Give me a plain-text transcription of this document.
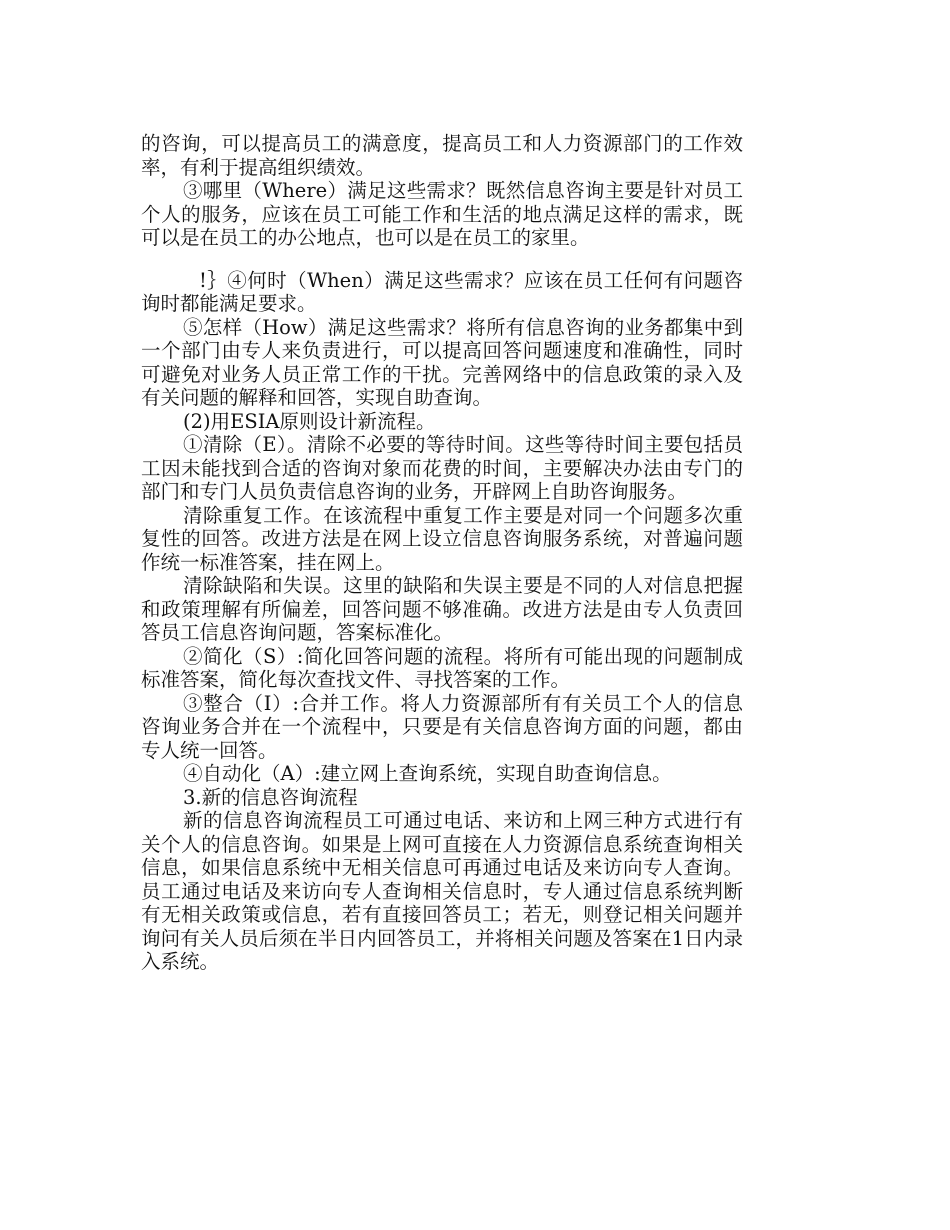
的咨询，可以提高员工的满意度，提高员工和人力资源部门的工作效率，有利于提高组织绩效。

③哪里（Where）满足这些需求？既然信息咨询主要是针对员工个人的服务，应该在员工可能工作和生活的地点满足这样的需求，既可以是在员工的办公地点，也可以是在员工的家里。

!｝④何时（When）满足这些需求？应该在员工任何有问题咨询时都能满足要求。

⑤怎样（How）满足这些需求？将所有信息咨询的业务都集中到一个部门由专人来负责进行，可以提高回答问题速度和准确性，同时可避免对业务人员正常工作的干扰。完善网络中的信息政策的录入及有关问题的解释和回答，实现自助查询。

(2)用ESIA原则设计新流程。

①清除（E）。清除不必要的等待时间。这些等待时间主要包括员工因未能找到合适的咨询对象而花费的时间，主要解决办法由专门的部门和专门人员负责信息咨询的业务，开辟网上自助咨询服务。

清除重复工作。在该流程中重复工作主要是对同一个问题多次重复性的回答。改进方法是在网上设立信息咨询服务系统，对普遍问题作统一标准答案，挂在网上。

清除缺陷和失误。这里的缺陷和失误主要是不同的人对信息把握和政策理解有所偏差，回答问题不够准确。改进方法是由专人负责回答员工信息咨询问题，答案标准化。

②简化（S）:简化回答问题的流程。将所有可能出现的问题制成标准答案，简化每次查找文件、寻找答案的工作。

③整合（I）:合并工作。将人力资源部所有有关员工个人的信息咨询业务合并在一个流程中，只要是有关信息咨询方面的问题，都由专人统一回答。

④自动化（A）:建立网上查询系统，实现自助查询信息。

3.新的信息咨询流程

新的信息咨询流程员工可通过电话、来访和上网三种方式进行有关个人的信息咨询。如果是上网可直接在人力资源信息系统查询相关信息，如果信息系统中无相关信息可再通过电话及来访向专人查询。员工通过电话及来访向专人查询相关信息时，专人通过信息系统判断有无相关政策或信息，若有直接回答员工；若无，则登记相关问题并询问有关人员后须在半日内回答员工，并将相关问题及答案在1日内录入系统。
